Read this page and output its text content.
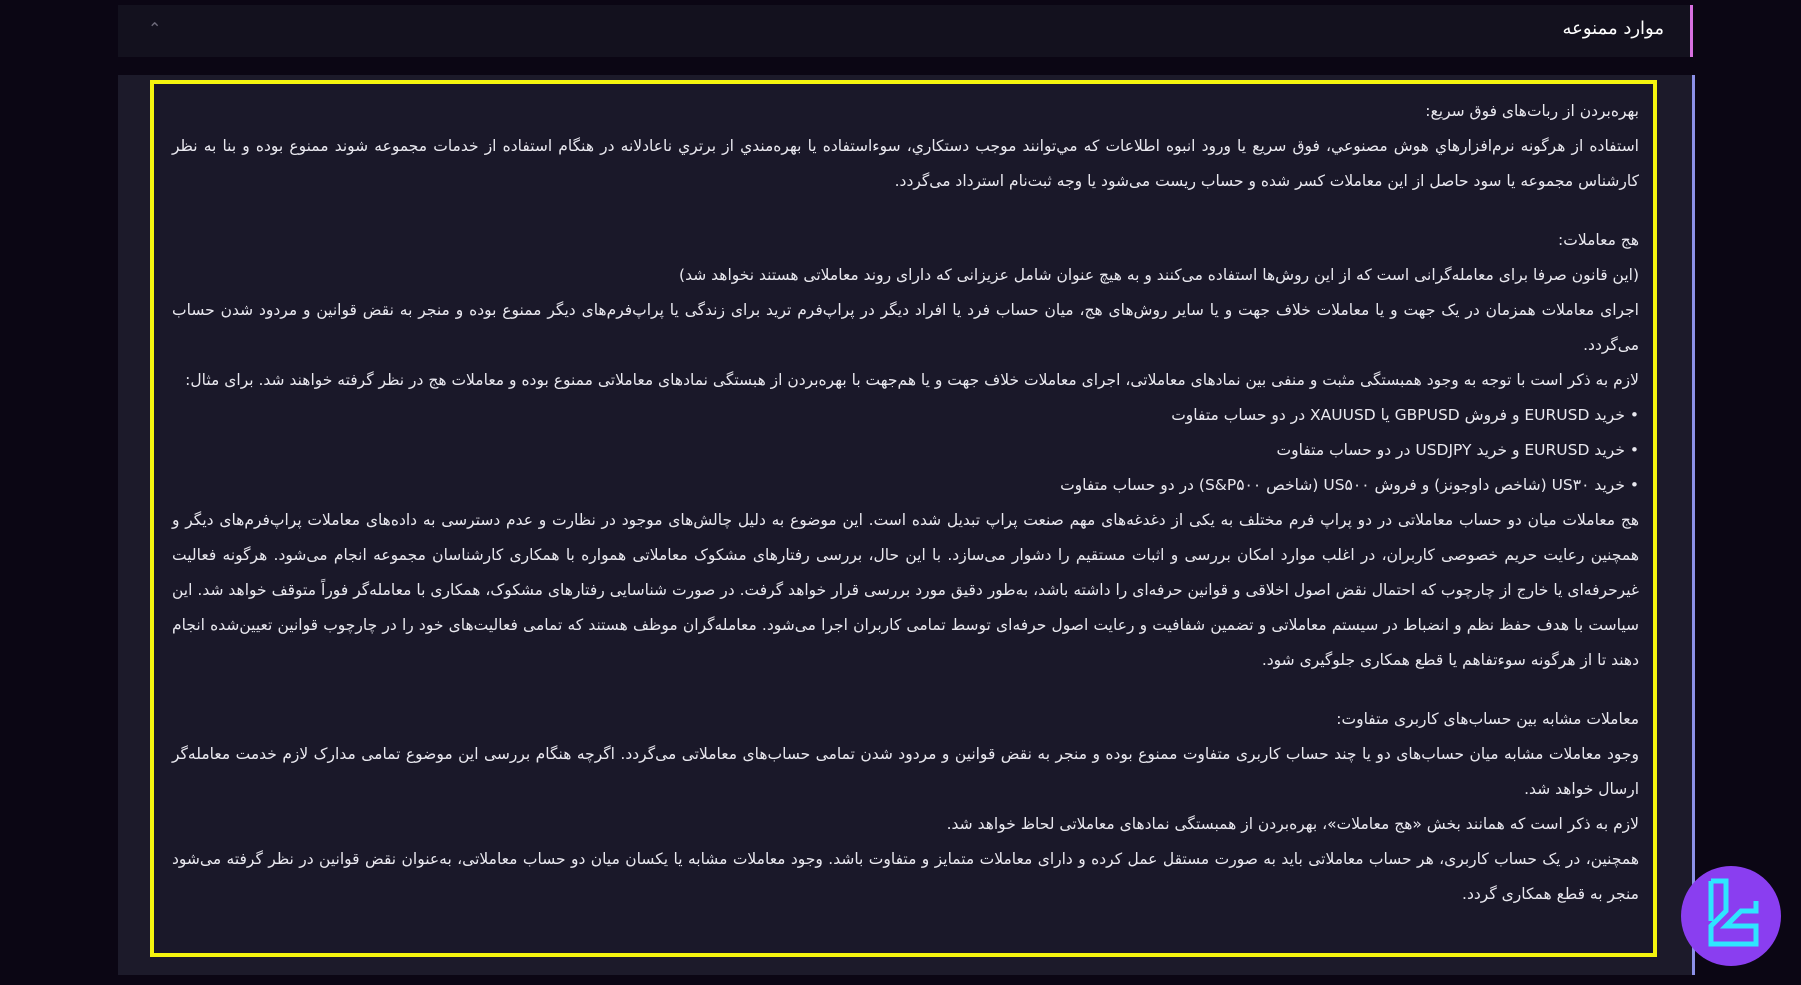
موارد ممنوعه
⌃

بهره‌بردن از ربات‌های فوق سریع:

استفاده از هرگونه نرم‌افزارهاي هوش مصنوعي، فوق سريع يا ورود انبوه اطلاعات كه مي‌توانند موجب دستكاري، سوءاستفاده يا بهره‌مندي از برتري ناعادلانه در هنگام استفاده از خدمات مجموعه شوند ممنوع بوده و بنا به نظر کارشناس مجموعه یا سود حاصل از این معاملات کسر شده و حساب ریست می‌شود یا وجه ثبت‌نام استرداد می‌گردد.

هج معاملات:

(این قانون صرفا برای معامله‌گرانی است که از این روش‌ها استفاده می‌کنند و به هیچ عنوان شامل عزیزانی که دارای روند معاملاتی هستند نخواهد شد)

اجرای معاملات همزمان در یک جهت و یا معاملات خلاف جهت و یا سایر روش‌های هج، میان حساب فرد یا افراد دیگر در پراپ‌فرم ترید برای زندگی یا پراپ‌فرم‌های دیگر ممنوع بوده و منجر به نقض قوانین و مردود شدن حساب می‌گردد.

لازم به ذکر است با توجه به وجود همبستگی مثبت و منفی بین نمادهای معاملاتی، اجرای معاملات خلاف جهت و یا هم‌جهت با بهره‌بردن از هبستگی نمادهای معاملاتی ممنوع بوده و معاملات هج در نظر گرفته خواهند شد. برای مثال:

• خرید EURUSD و فروش GBPUSD یا XAUUSD در دو حساب متفاوت

• خرید EURUSD و خرید USDJPY در دو حساب متفاوت

• خرید US۳۰ (شاخص داوجونز) و فروش US۵۰۰ (شاخص S&P۵۰۰) در دو حساب متفاوت

هج معاملات میان دو حساب معاملاتی در دو پراپ فرم مختلف به یکی از دغدغه‌های مهم صنعت پراپ تبدیل شده است. این موضوع به دلیل چالش‌های موجود در نظارت و عدم دسترسی به داده‌های معاملات پراپ‌فرم‌های دیگر و همچنین رعایت حریم خصوصی کاربران، در اغلب موارد امکان بررسی و اثبات مستقیم را دشوار می‌سازد. با این حال، بررسی رفتارهای مشکوک معاملاتی همواره با همکاری کارشناسان مجموعه انجام می‌شود. هرگونه فعالیت غیرحرفه‌ای یا خارج از چارچوب که احتمال نقض اصول اخلاقی و قوانین حرفه‌ای را داشته باشد، به‌طور دقیق مورد بررسی قرار خواهد گرفت. در صورت شناسایی رفتارهای مشکوک، همکاری با معامله‌گر فوراً متوقف خواهد شد. این سیاست با هدف حفظ نظم و انضباط در سیستم معاملاتی و تضمین شفافیت و رعایت اصول حرفه‌ای توسط تمامی کاربران اجرا می‌شود. معامله‌گران موظف هستند که تمامی فعالیت‌های خود را در چارچوب قوانین تعیین‌شده انجام دهند تا از هرگونه سوءتفاهم یا قطع همکاری جلوگیری شود.

معاملات مشابه بین حساب‌های کاربری متفاوت:

وجود معاملات مشابه میان حساب‌های دو یا چند حساب کاربری متفاوت ممنوع بوده و منجر به نقض قوانین و مردود شدن تمامی حساب‌های معاملاتی می‌گردد. اگرچه هنگام بررسی این موضوع تمامی مدارک لازم خدمت معامله‌گر ارسال خواهد شد.

لازم به ذکر است که همانند بخش «هج معاملات»، بهره‌بردن از همبستگی نمادهای معاملاتی لحاظ خواهد شد.

همچنین، در یک حساب کاربری، هر حساب معاملاتی باید به صورت مستقل عمل کرده و دارای معاملات متمایز و متفاوت باشد. وجود معاملات مشابه یا یکسان میان دو حساب معاملاتی، به‌عنوان نقض قوانین در نظر گرفته می‌شود منجر به قطع همکاری گردد.
